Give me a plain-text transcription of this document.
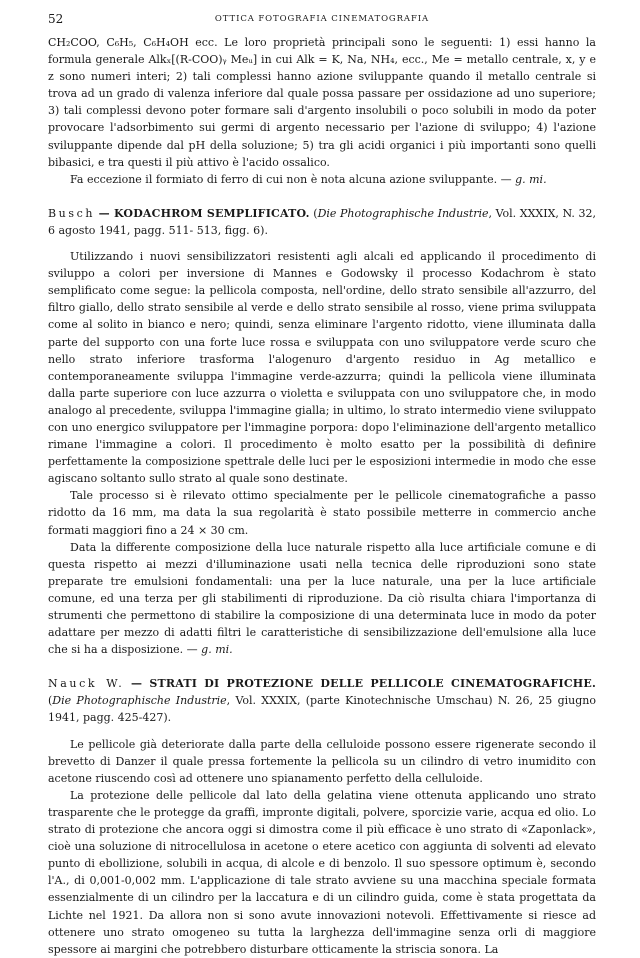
52	OTTICA FOTOGRAFIA CINEMATOGRAFIA

CH₂COO, C₆H₅, C₆H₄OH ecc. Le loro proprietà principali sono le seguenti: 1) essi hanno la formula generale Alkₓ[(R-COO)ᵧ Meᵤ] in cui Alk = K, Na, NH₄, ecc., Me = metallo centrale, x, y e z sono numeri interi; 2) tali complessi hanno azione sviluppante quando il metallo centrale si trova ad un grado di valenza inferiore dal quale possa passare per ossidazione ad uno superiore; 3) tali complessi devono poter formare sali d'argento insolubili o poco solubili in modo da poter provocare l'adsorbimento sui germi di argento necessario per l'azione di sviluppo; 4) l'azione sviluppante dipende dal pH della soluzione; 5) tra gli acidi organici i più importanti sono quelli bibasici, e tra questi il più attivo è l'acido ossalico.

Fa eccezione il formiato di ferro di cui non è nota alcuna azione sviluppante. — g. mi.

Busch — KODACHROM SEMPLIFICATO. (Die Photographische Industrie, Vol. XXXIX, N. 32, 6 agosto 1941, pagg. 511- 513, figg. 6).

Utilizzando i nuovi sensibilizzatori resistenti agli alcali ed applicando il procedimento di sviluppo a colori per inversione di Mannes e Godowsky il processo Kodachrom è stato semplificato come segue: la pellicola composta, nell'ordine, dello strato sensibile all'azzurro, del filtro giallo, dello strato sensibile al verde e dello strato sensibile al rosso, viene prima sviluppata come al solito in bianco e nero; quindi, senza eliminare l'argento ridotto, viene illuminata dalla parte del supporto con una forte luce rossa e sviluppata con uno sviluppatore verde scuro che nello strato inferiore trasforma l'alogenuro d'argento residuo in Ag metallico e contemporaneamente sviluppa l'immagine verde-azzurra; quindi la pellicola viene illuminata dalla parte superiore con luce azzurra o violetta e sviluppata con uno sviluppatore che, in modo analogo al precedente, sviluppa l'immagine gialla; in ultimo, lo strato intermedio viene sviluppato con uno energico sviluppatore per l'immagine porpora: dopo l'eliminazione dell'argento metallico rimane l'immagine a colori. Il procedimento è molto esatto per la possibilità di definire perfettamente la composizione spettrale delle luci per le esposizioni intermedie in modo che esse agiscano soltanto sullo strato al quale sono destinate.

Tale processo si è rilevato ottimo specialmente per le pellicole cinematografiche a passo ridotto da 16 mm, ma data la sua regolarità è stato possibile metterre in commercio anche formati maggiori fino a 24 × 30 cm.

Data la differente composizione della luce naturale rispetto alla luce artificiale comune e di questa rispetto ai mezzi d'illuminazione usati nella tecnica delle riproduzioni sono state preparate tre emulsioni fondamentali: una per la luce naturale, una per la luce artificiale comune, ed una terza per gli stabilimenti di riproduzione. Da ciò risulta chiara l'importanza di strumenti che permettono di stabilire la composizione di una determinata luce in modo da poter adattare per mezzo di adatti filtri le caratteristiche di sensibilizzazione dell'emulsione alla luce che si ha a disposizione. — g. mi.

Nauck W. — STRATI DI PROTEZIONE DELLE PELLICOLE CINEMATOGRAFICHE. (Die Photographische Industrie, Vol. XXXIX, (parte Kinotechnische Umschau) N. 26, 25 giugno 1941, pagg. 425-427).

Le pellicole già deteriorate dalla parte della celluloide possono essere rigenerate secondo il brevetto di Danzer il quale pressa fortemente la pellicola su un cilindro di vetro inumidito con acetone riuscendo così ad ottenere uno spianamento perfetto della celluloide.

La protezione delle pellicole dal lato della gelatina viene ottenuta applicando uno strato trasparente che le protegge da graffi, impronte digitali, polvere, sporcizie varie, acqua ed olio. Lo strato di protezione che ancora oggi si dimostra come il più efficace è uno strato di «Zaponlack», cioè una soluzione di nitrocellulosa in acetone o etere acetico con aggiunta di solventi ad elevato punto di ebollizione, solubili in acqua, di alcole e di benzolo. Il suo spessore optimum è, secondo l'A., di 0,001-0,002 mm. L'applicazione di tale strato avviene su una macchina speciale formata essenzialmente di un cilindro per la laccatura e di un cilindro guida, come è stata progettata da Lichte nel 1921. Da allora non si sono avute innovazioni notevoli. Effettivamente si riesce ad ottenere uno strato omogeneo su tutta la larghezza dell'immagine senza orli di maggiore spessore ai margini che potrebbero disturbare otticamente la striscia sonora. La
